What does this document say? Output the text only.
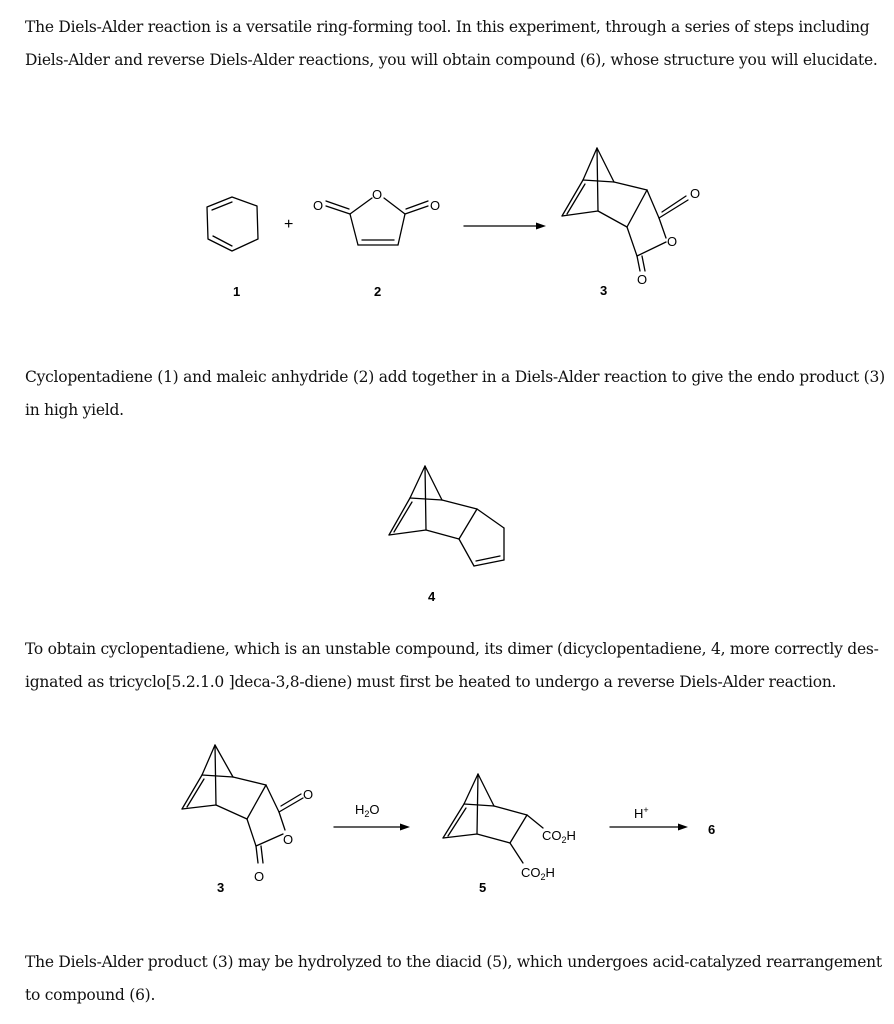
The Diels-Alder reaction is a versatile ring-forming tool. In this experiment, through a series of steps including
Diels-Alder and reverse Diels-Alder reactions, you will obtain compound (6), whose structure you will elucidate.
+
1
O
O	O
2
O
O
O
3
Cyclopentadiene (1) and maleic anhydride (2) add together in a Diels-Alder reaction to give the endo product (3)
in high yield.
4
To obtain cyclopentadiene, which is an unstable compound, its dimer (dicyclopentadiene, 4, more correctly des-
ignated as tricyclo[5.2.1.0 ]deca-3,8-diene) must first be heated to undergo a reverse Diels-Alder reaction.
O
O
O
3
$H_2O$
$CO_2H$
$CO_2H$
5
H+
6
The Diels-Alder product (3) may be hydrolyzed to the diacid (5), which undergoes acid-catalyzed rearrangement
to compound (6).
